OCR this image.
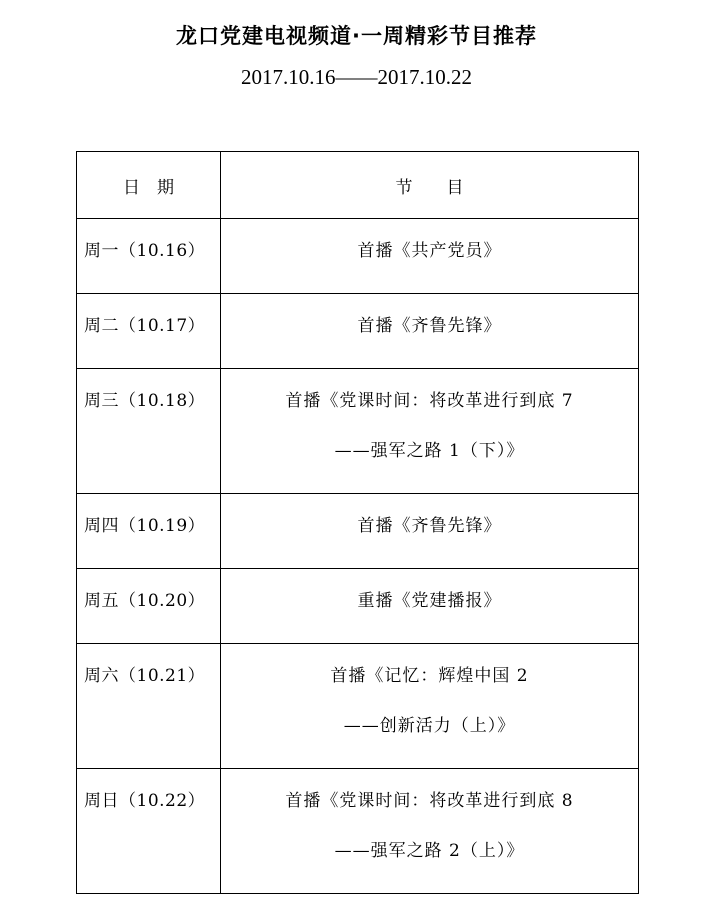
龙口党建电视频道·一周精彩节目推荐
2017.10.16——2017.10.22
日　期	节　　目
周一（10.16）	首播《共产党员》

周二（10.17）	首播《齐鲁先锋》

周三（10.18）	首播《党课时间：将改革进行到底 7
——强军之路 1（下）》

周四（10.19）	首播《齐鲁先锋》

周五（10.20）	重播《党建播报》

周六（10.21）	首播《记忆：辉煌中国 2
——创新活力（上）》

周日（10.22）	首播《党课时间：将改革进行到底 8
——强军之路 2（上）》
